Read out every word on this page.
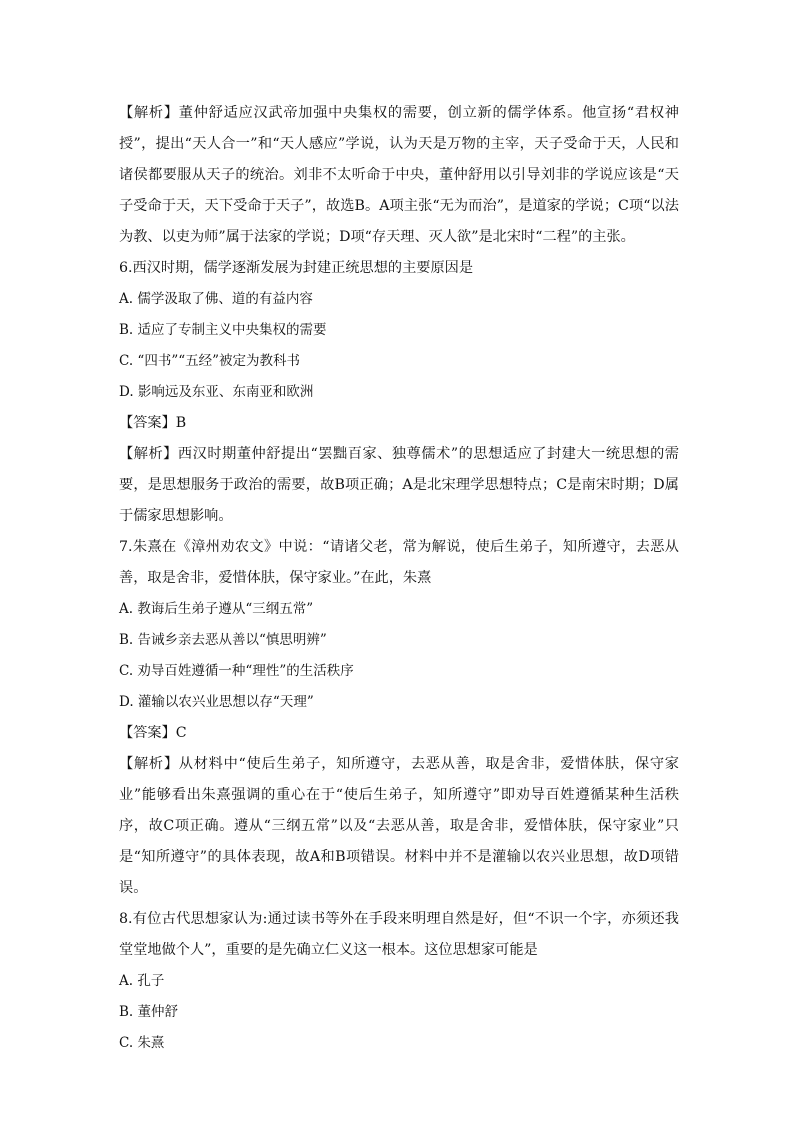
【解析】董仲舒适应汉武帝加强中央集权的需要，创立新的儒学体系。他宣扬“君权神授”，提出“天人合一”和“天人感应”学说，认为天是万物的主宰，天子受命于天，人民和诸侯都要服从天子的统治。刘非不太听命于中央，董仲舒用以引导刘非的学说应该是“天子受命于天，天下受命于天子”，故选B。A项主张“无为而治”，是道家的学说；C项“以法为教、以吏为师”属于法家的学说；D项“存天理、灭人欲”是北宋时“二程”的主张。

6.西汉时期，儒学逐渐发展为封建正统思想的主要原因是

A. 儒学汲取了佛、道的有益内容

B. 适应了专制主义中央集权的需要

C. “四书”“五经”被定为教科书

D. 影响远及东亚、东南亚和欧洲

【答案】B

【解析】西汉时期董仲舒提出“罢黜百家、独尊儒术”的思想适应了封建大一统思想的需要，是思想服务于政治的需要，故B项正确；A是北宋理学思想特点；C是南宋时期；D属于儒家思想影响。

7.朱熹在《漳州劝农文》中说：“请诸父老，常为解说，使后生弟子，知所遵守，去恶从善，取是舍非，爱惜体肤，保守家业。”在此，朱熹

A. 教诲后生弟子遵从“三纲五常”

B. 告诫乡亲去恶从善以“慎思明辨”

C. 劝导百姓遵循一种“理性”的生活秩序

D. 灌输以农兴业思想以存“天理”

【答案】C

【解析】从材料中“使后生弟子，知所遵守，去恶从善，取是舍非，爱惜体肤，保守家业”能够看出朱熹强调的重心在于“使后生弟子，知所遵守”即劝导百姓遵循某种生活秩序，故C项正确。遵从“三纲五常”以及“去恶从善，取是舍非，爱惜体肤，保守家业”只是“知所遵守”的具体表现，故A和B项错误。材料中并不是灌输以农兴业思想，故D项错误。

8.有位古代思想家认为:通过读书等外在手段来明理自然是好，但“不识一个字，亦须还我堂堂地做个人”，重要的是先确立仁义这一根本。这位思想家可能是

A. 孔子

B. 董仲舒

C. 朱熹
